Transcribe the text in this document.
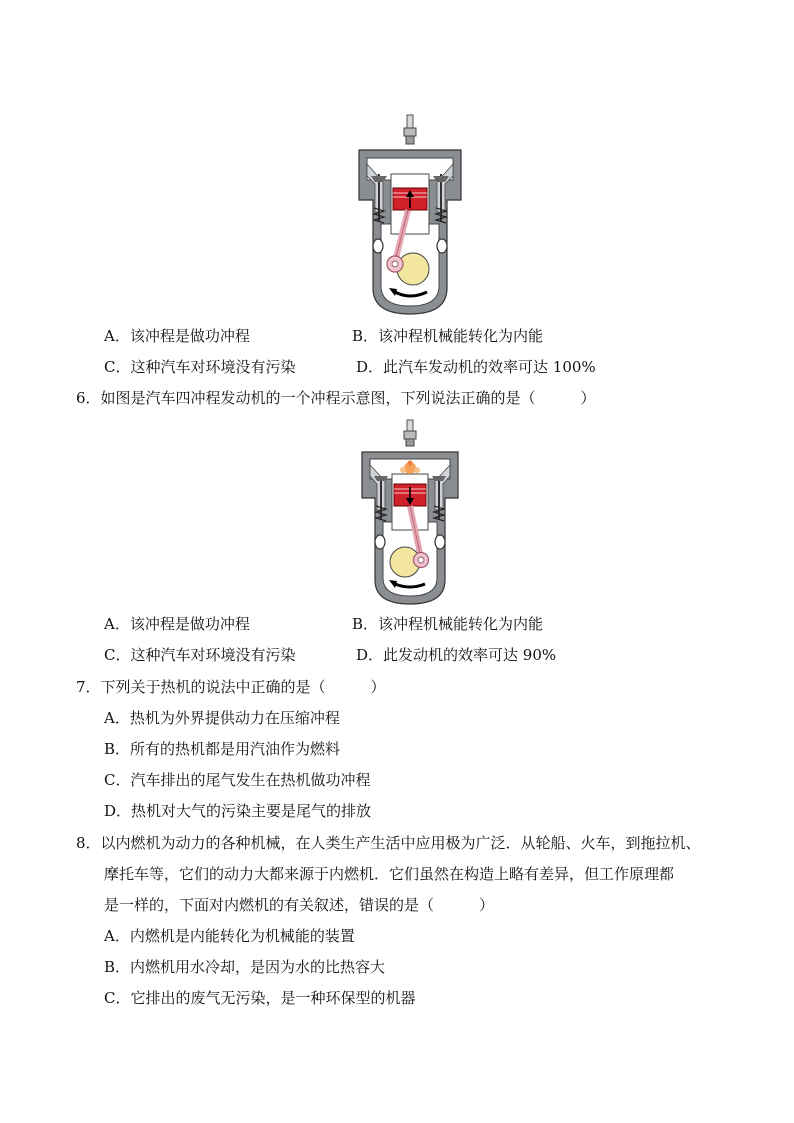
A．该冲程是做功冲程	B．该冲程机械能转化为内能
C．这种汽车对环境没有污染	D．此汽车发动机的效率可达 100%
6．如图是汽车四冲程发动机的一个冲程示意图，下列说法正确的是（　　　）
A．该冲程是做功冲程	B．该冲程机械能转化为内能
C．这种汽车对环境没有污染	D．此发动机的效率可达 90%
7．下列关于热机的说法中正确的是（　　　）
A．热机为外界提供动力在压缩冲程
B．所有的热机都是用汽油作为燃料
C．汽车排出的尾气发生在热机做功冲程
D．热机对大气的污染主要是尾气的排放
8．以内燃机为动力的各种机械，在人类生产生活中应用极为广泛．从轮船、火车，到拖拉机、
摩托车等，它们的动力大都来源于内燃机．它们虽然在构造上略有差异，但工作原理都
是一样的，下面对内燃机的有关叙述，错误的是（　　　）
A．内燃机是内能转化为机械能的装置
B．内燃机用水冷却，是因为水的比热容大
C．它排出的废气无污染，是一种环保型的机器
